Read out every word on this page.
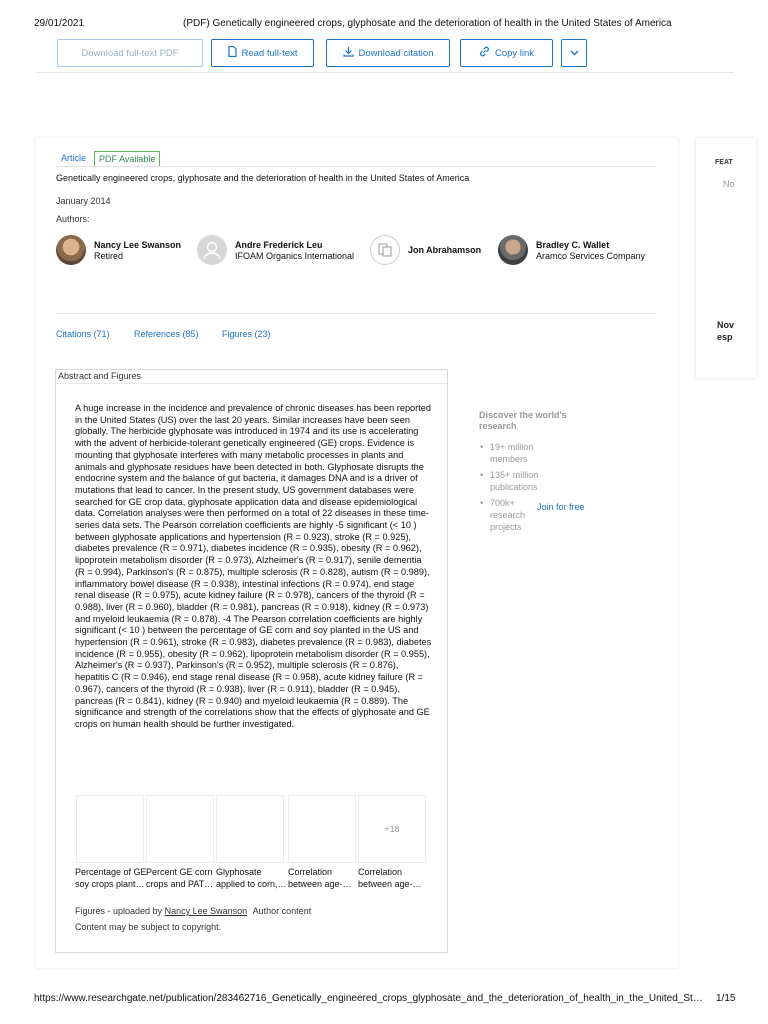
29/01/2021	(PDF) Genetically engineered crops, glyphosate and the deterioration of health in the United States of America
Download full-text PDF	Read full-text	Download citation	Copy link
FEAT
No
Nov
esp
Article	PDF Available
Genetically engineered crops, glyphosate and the deterioration of health in the United States of America
January 2014
Authors:
Nancy Lee Swanson
Retired
Andre Frederick Leu
IFOAM Organics International
Jon Abrahamson
Bradley C. Wallet
Aramco Services Company
Citations (71)	References (85)	Figures (23)
Abstract and Figures
A huge increase in the incidence and prevalence of chronic diseases has been reported in the United States (US) over the last 20 years. Similar increases have been seen globally. The herbicide glyphosate was introduced in 1974 and its use is accelerating with the advent of herbicide-tolerant genetically engineered (GE) crops. Evidence is mounting that glyphosate interferes with many metabolic processes in plants and animals and glyphosate residues have been detected in both. Glyphosate disrupts the endocrine system and the balance of gut bacteria, it damages DNA and is a driver of mutations that lead to cancer. In the present study, US government databases were searched for GE crop data, glyphosate application data and disease epidemiological data. Correlation analyses were then performed on a total of 22 diseases in these time-series data sets. The Pearson correlation coefficients are highly -5 significant (< 10 ) between glyphosate applications and hypertension (R = 0.923), stroke (R = 0.925), diabetes prevalence (R = 0.971), diabetes incidence (R = 0.935), obesity (R = 0.962), lipoprotein metabolism disorder (R = 0.973), Alzheimer's (R = 0.917), senile dementia (R = 0.994), Parkinson's (R = 0.875), multiple sclerosis (R = 0.828), autism (R = 0.989), inflammatory bowel disease (R = 0.938), intestinal infections (R = 0.974), end stage renal disease (R = 0.975), acute kidney failure (R = 0.978), cancers of the thyroid (R = 0.988), liver (R = 0.960), bladder (R = 0.981), pancreas (R = 0.918), kidney (R = 0.973) and myeloid leukaemia (R = 0.878). -4 The Pearson correlation coefficients are highly significant (< 10 ) between the percentage of GE corn and soy planted in the US and hypertension (R = 0.961), stroke (R = 0.983), diabetes prevalence (R = 0.983), diabetes incidence (R = 0.955), obesity (R = 0.962), lipoprotein metabolism disorder (R = 0.955), Alzheimer's (R = 0.937), Parkinson's (R = 0.952), multiple sclerosis (R = 0.876), hepatitis C (R = 0.946), end stage renal disease (R = 0.958), acute kidney failure (R = 0.967), cancers of the thyroid (R = 0.938), liver (R = 0.911), bladder (R = 0.945), pancreas (R = 0.841), kidney (R = 0.940) and myeloid leukaemia (R = 0.889). The significance and strength of the correlations show that the effects of glyphosate and GE crops on human health should be further investigated.
+18
Percentage of GE soy crops plant…
Percent GE corn crops and PAT…
Glyphosate applied to corn,…
Correlation between age-…
Correlation between age-…
Figures - uploaded by Nancy Lee Swanson Author content
Content may be subject to copyright.
Discover the world's research
• 19+ million members
• 135+ million publications
• 700k+ research projects
Join for free
https://www.researchgate.net/publication/283462716_Genetically_engineered_crops_glyphosate_and_the_deterioration_of_health_in_the_United_St…	1/15
